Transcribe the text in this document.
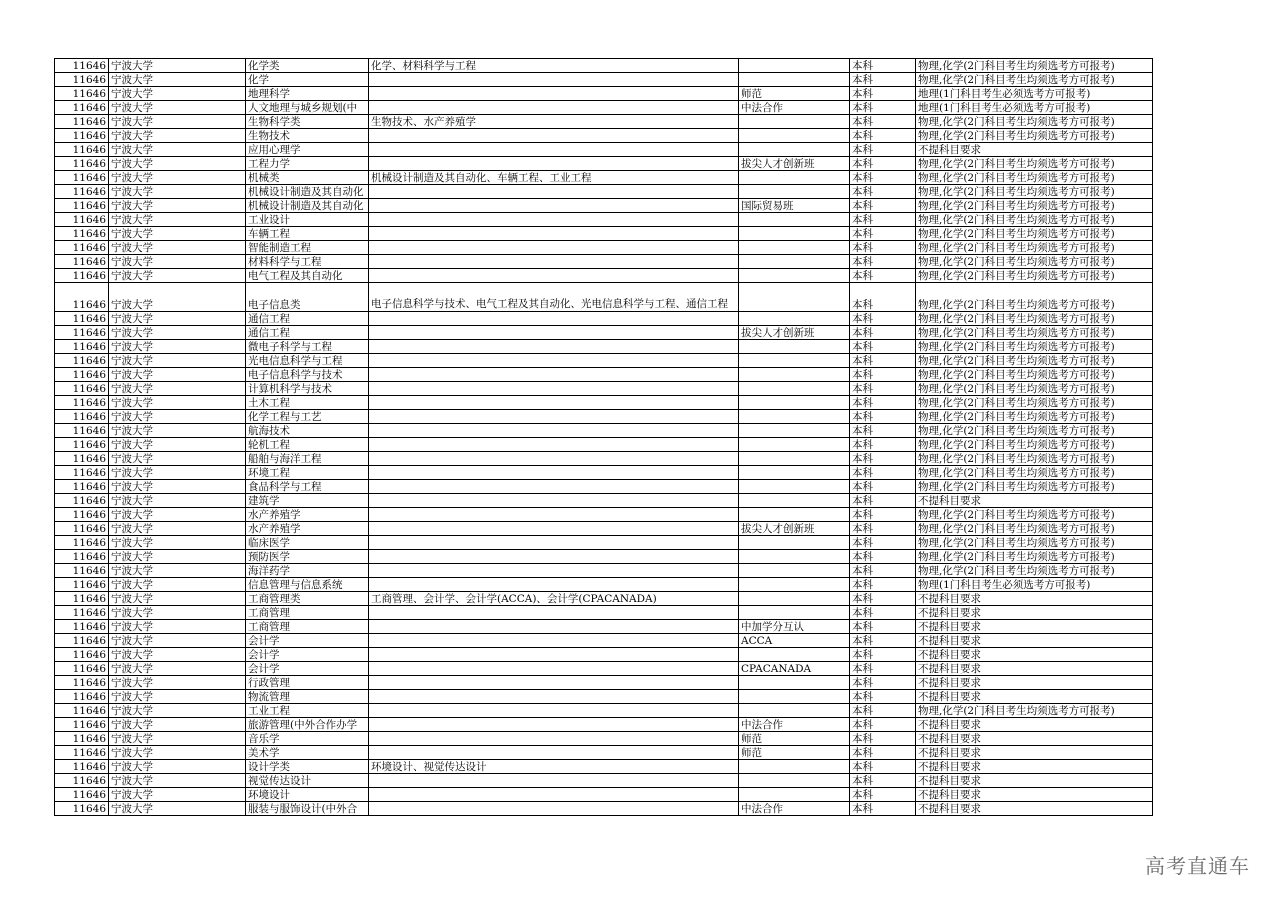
11646	宁波大学	化学类	化学、材料科学与工程		本科	物理,化学(2门科目考生均须选考方可报考)
11646	宁波大学	化学			本科	物理,化学(2门科目考生均须选考方可报考)
11646	宁波大学	地理科学		师范	本科	地理(1门科目考生必须选考方可报考)
11646	宁波大学	人文地理与城乡规划(中		中法合作	本科	地理(1门科目考生必须选考方可报考)
11646	宁波大学	生物科学类	生物技术、水产养殖学		本科	物理,化学(2门科目考生均须选考方可报考)
11646	宁波大学	生物技术			本科	物理,化学(2门科目考生均须选考方可报考)
11646	宁波大学	应用心理学			本科	不提科目要求
11646	宁波大学	工程力学		拔尖人才创新班	本科	物理,化学(2门科目考生均须选考方可报考)
11646	宁波大学	机械类	机械设计制造及其自动化、车辆工程、工业工程		本科	物理,化学(2门科目考生均须选考方可报考)
11646	宁波大学	机械设计制造及其自动化			本科	物理,化学(2门科目考生均须选考方可报考)
11646	宁波大学	机械设计制造及其自动化		国际贸易班	本科	物理,化学(2门科目考生均须选考方可报考)
11646	宁波大学	工业设计			本科	物理,化学(2门科目考生均须选考方可报考)
11646	宁波大学	车辆工程			本科	物理,化学(2门科目考生均须选考方可报考)
11646	宁波大学	智能制造工程			本科	物理,化学(2门科目考生均须选考方可报考)
11646	宁波大学	材料科学与工程			本科	物理,化学(2门科目考生均须选考方可报考)
11646	宁波大学	电气工程及其自动化			本科	物理,化学(2门科目考生均须选考方可报考)
11646	宁波大学	电子信息类	电子信息科学与技术、电气工程及其自动化、光电信息科学与工程、通信工程		本科	物理,化学(2门科目考生均须选考方可报考)
11646	宁波大学	通信工程			本科	物理,化学(2门科目考生均须选考方可报考)
11646	宁波大学	通信工程		拔尖人才创新班	本科	物理,化学(2门科目考生均须选考方可报考)
11646	宁波大学	微电子科学与工程			本科	物理,化学(2门科目考生均须选考方可报考)
11646	宁波大学	光电信息科学与工程			本科	物理,化学(2门科目考生均须选考方可报考)
11646	宁波大学	电子信息科学与技术			本科	物理,化学(2门科目考生均须选考方可报考)
11646	宁波大学	计算机科学与技术			本科	物理,化学(2门科目考生均须选考方可报考)
11646	宁波大学	土木工程			本科	物理,化学(2门科目考生均须选考方可报考)
11646	宁波大学	化学工程与工艺			本科	物理,化学(2门科目考生均须选考方可报考)
11646	宁波大学	航海技术			本科	物理,化学(2门科目考生均须选考方可报考)
11646	宁波大学	轮机工程			本科	物理,化学(2门科目考生均须选考方可报考)
11646	宁波大学	船舶与海洋工程			本科	物理,化学(2门科目考生均须选考方可报考)
11646	宁波大学	环境工程			本科	物理,化学(2门科目考生均须选考方可报考)
11646	宁波大学	食品科学与工程			本科	物理,化学(2门科目考生均须选考方可报考)
11646	宁波大学	建筑学			本科	不提科目要求
11646	宁波大学	水产养殖学			本科	物理,化学(2门科目考生均须选考方可报考)
11646	宁波大学	水产养殖学		拔尖人才创新班	本科	物理,化学(2门科目考生均须选考方可报考)
11646	宁波大学	临床医学			本科	物理,化学(2门科目考生均须选考方可报考)
11646	宁波大学	预防医学			本科	物理,化学(2门科目考生均须选考方可报考)
11646	宁波大学	海洋药学			本科	物理,化学(2门科目考生均须选考方可报考)
11646	宁波大学	信息管理与信息系统			本科	物理(1门科目考生必须选考方可报考)
11646	宁波大学	工商管理类	工商管理、会计学、会计学(ACCA)、会计学(CPACANADA)		本科	不提科目要求
11646	宁波大学	工商管理			本科	不提科目要求
11646	宁波大学	工商管理		中加学分互认	本科	不提科目要求
11646	宁波大学	会计学		ACCA	本科	不提科目要求
11646	宁波大学	会计学			本科	不提科目要求
11646	宁波大学	会计学		CPACANADA	本科	不提科目要求
11646	宁波大学	行政管理			本科	不提科目要求
11646	宁波大学	物流管理			本科	不提科目要求
11646	宁波大学	工业工程			本科	物理,化学(2门科目考生均须选考方可报考)
11646	宁波大学	旅游管理(中外合作办学		中法合作	本科	不提科目要求
11646	宁波大学	音乐学		师范	本科	不提科目要求
11646	宁波大学	美术学		师范	本科	不提科目要求
11646	宁波大学	设计学类	环境设计、视觉传达设计		本科	不提科目要求
11646	宁波大学	视觉传达设计			本科	不提科目要求
11646	宁波大学	环境设计			本科	不提科目要求
11646	宁波大学	服装与服饰设计(中外合		中法合作	本科	不提科目要求
高考直通车
